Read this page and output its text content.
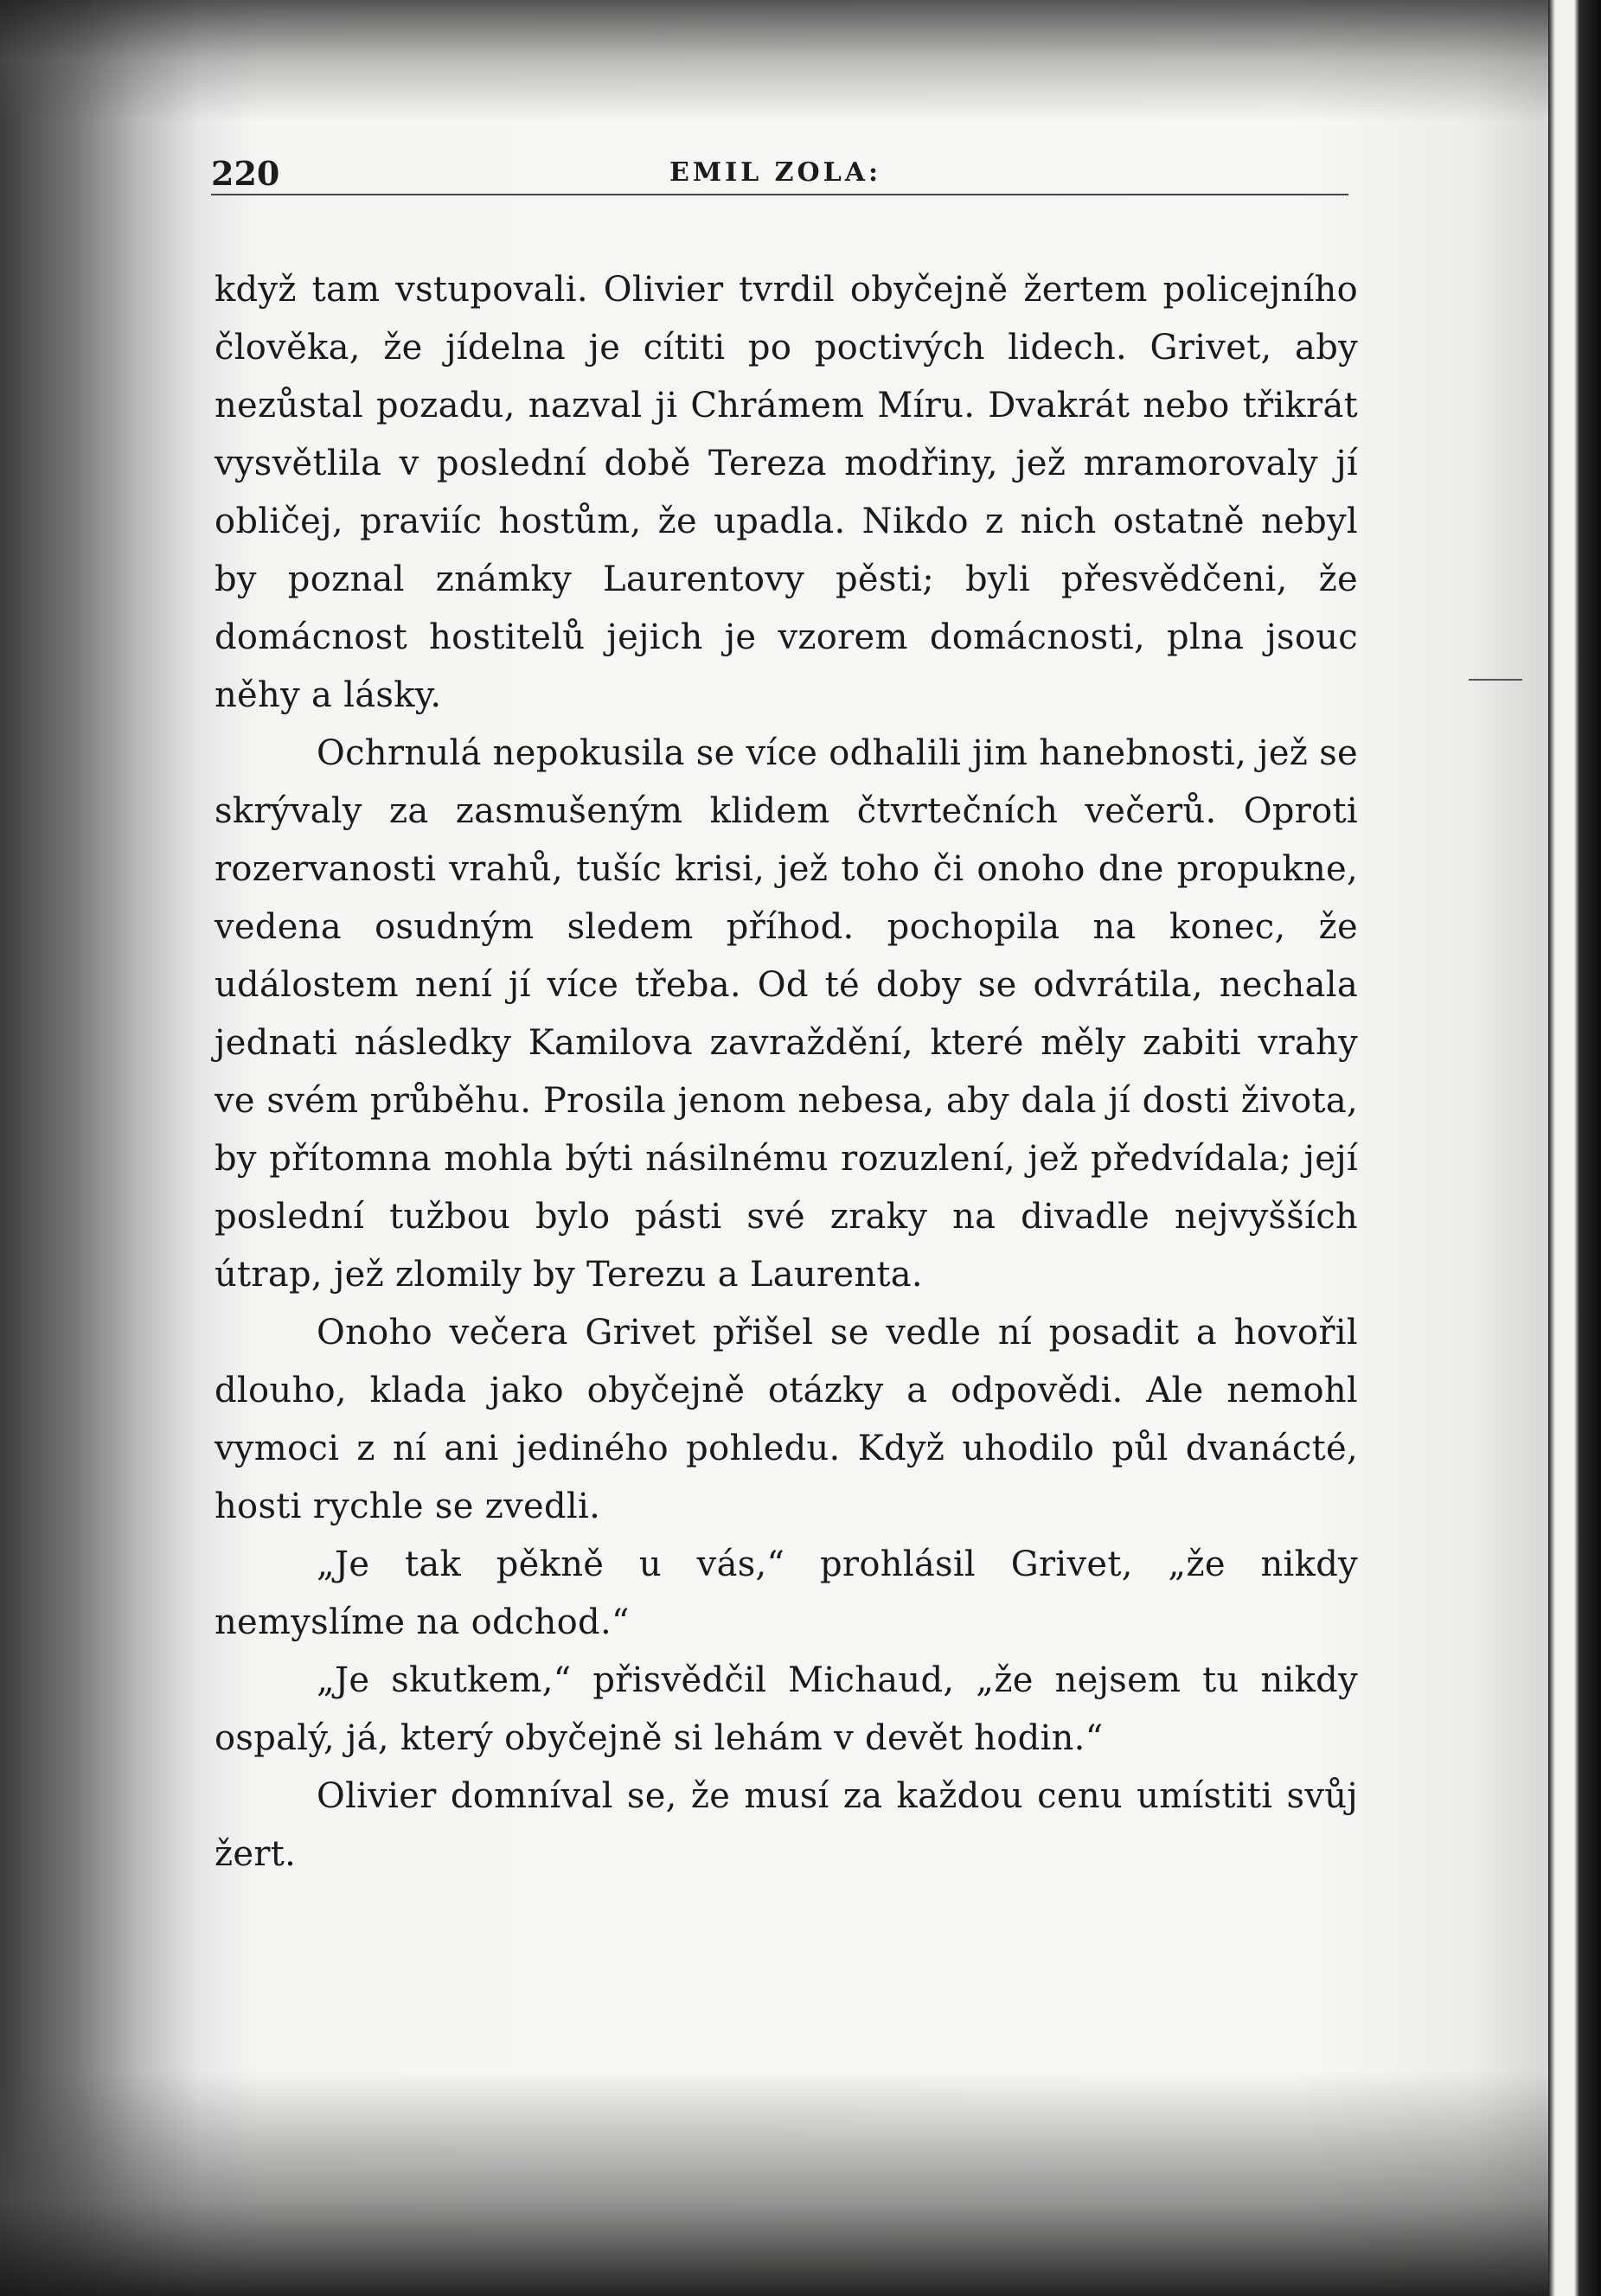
220	EMIL ZOLA:

když tam vstupovali. Olivier tvrdil obyčejně žertem policejního člověka, že jídelna je cítiti po poctivých lidech. Grivet, aby nezůstal pozadu, nazval ji Chrámem Míru. Dvakrát nebo třikrát vysvětlila v poslední době Tereza modřiny, jež mramorovaly jí obličej, praviíc hostům, že upadla. Nikdo z nich ostatně nebyl by poznal známky Laurentovy pěsti; byli přesvědčeni, že domácnost hostitelů jejich je vzorem domácnosti, plna jsouc něhy a lásky.

Ochrnulá nepokusila se více odhalili jim hanebnosti, jež se skrývaly za zasmušeným klidem čtvrtečních večerů. Oproti rozervanosti vrahů, tušíc krisi, jež toho či onoho dne propukne, vedena osudným sledem příhod. pochopila na konec, že událostem není jí více třeba. Od té doby se odvrátila, nechala jednati následky Kamilova zavraždění, které měly zabiti vrahy ve svém průběhu. Prosila jenom nebesa, aby dala jí dosti života, by přítomna mohla býti násilnému rozuzlení, jež předvídala; její poslední tužbou bylo pásti své zraky na divadle nejvyšších útrap, jež zlomily by Terezu a Laurenta.

Onoho večera Grivet přišel se vedle ní posadit a hovořil dlouho, klada jako obyčejně otázky a odpovědi. Ale nemohl vymoci z ní ani jediného pohledu. Když uhodilo půl dvanácté, hosti rychle se zvedli.

„Je tak pěkně u vás,“ prohlásil Grivet, „že nikdy nemyslíme na odchod.“

„Je skutkem,“ přisvědčil Michaud, „že nejsem tu nikdy ospalý, já, který obyčejně si lehám v devět hodin.“

Olivier domníval se, že musí za každou cenu umístiti svůj žert.
